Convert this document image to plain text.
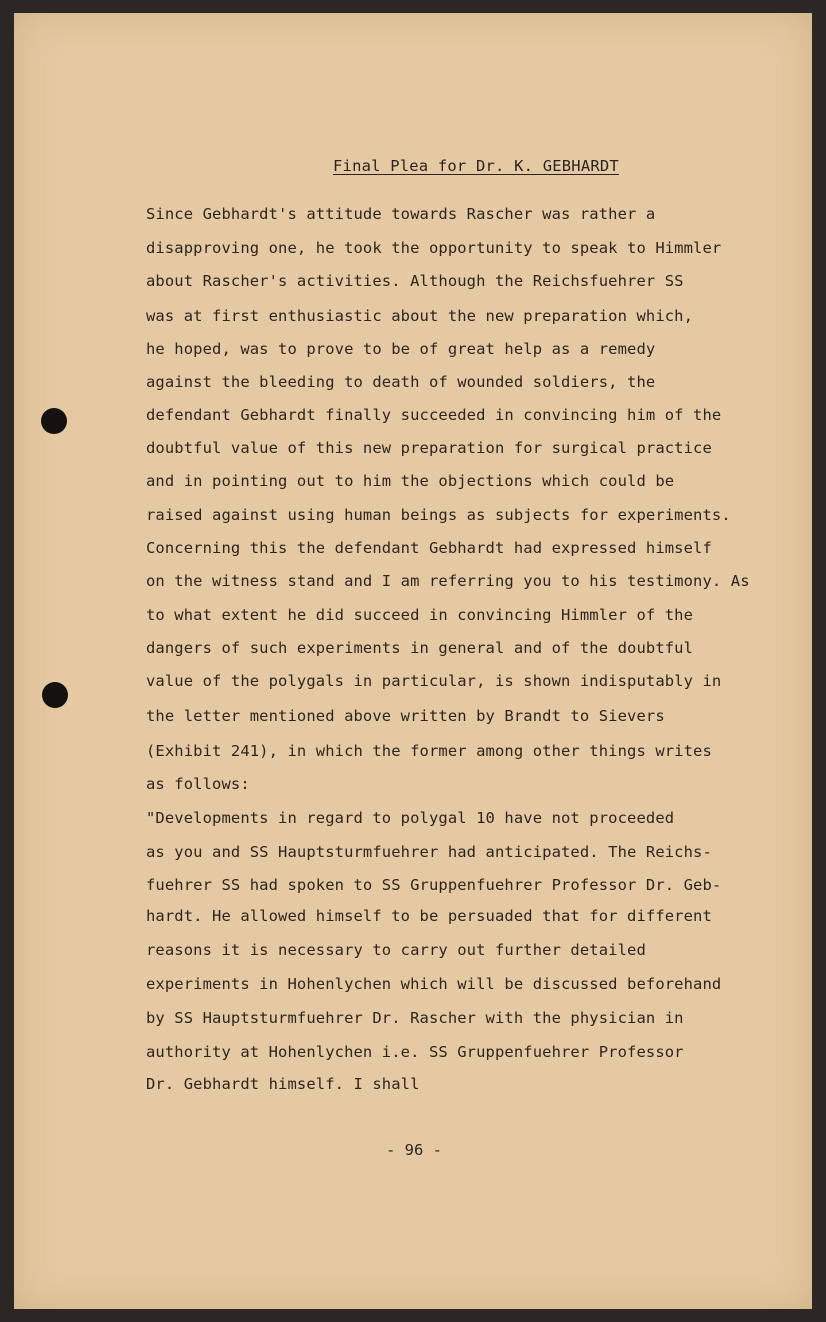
Final Plea for Dr. K. GEBHARDT
Since Gebhardt's attitude towards Rascher was rather a
disapproving one, he took the opportunity to speak to Himmler
about Rascher's activities. Although the Reichsfuehrer SS
was at first enthusiastic about the new preparation which,
he hoped, was to prove to be of great help as a remedy
against the bleeding to death of wounded soldiers, the
defendant Gebhardt finally succeeded in convincing him of the
doubtful value of this new preparation for surgical practice
and in pointing out to him the objections which could be
raised against using human beings as subjects for experiments.
Concerning this the defendant Gebhardt had expressed himself
on the witness stand and I am referring you to his testimony. As
to what extent he did succeed in convincing Himmler of the
dangers of such experiments in general and of the doubtful
value of the polygals in particular, is shown indisputably in
the letter mentioned above written by Brandt to Sievers
(Exhibit 241), in which the former among other things writes
as follows:
"Developments in regard to polygal 10 have not proceeded
as you and SS Hauptsturmfuehrer had anticipated. The Reichs-
fuehrer SS had spoken to SS Gruppenfuehrer Professor Dr. Geb-
hardt. He allowed himself to be persuaded that for different
reasons it is necessary to carry out further detailed
experiments in Hohenlychen which will be discussed beforehand
by SS Hauptsturmfuehrer Dr. Rascher with the physician in
authority at Hohenlychen i.e. SS Gruppenfuehrer Professor
Dr. Gebhardt himself. I shall
- 96 -
